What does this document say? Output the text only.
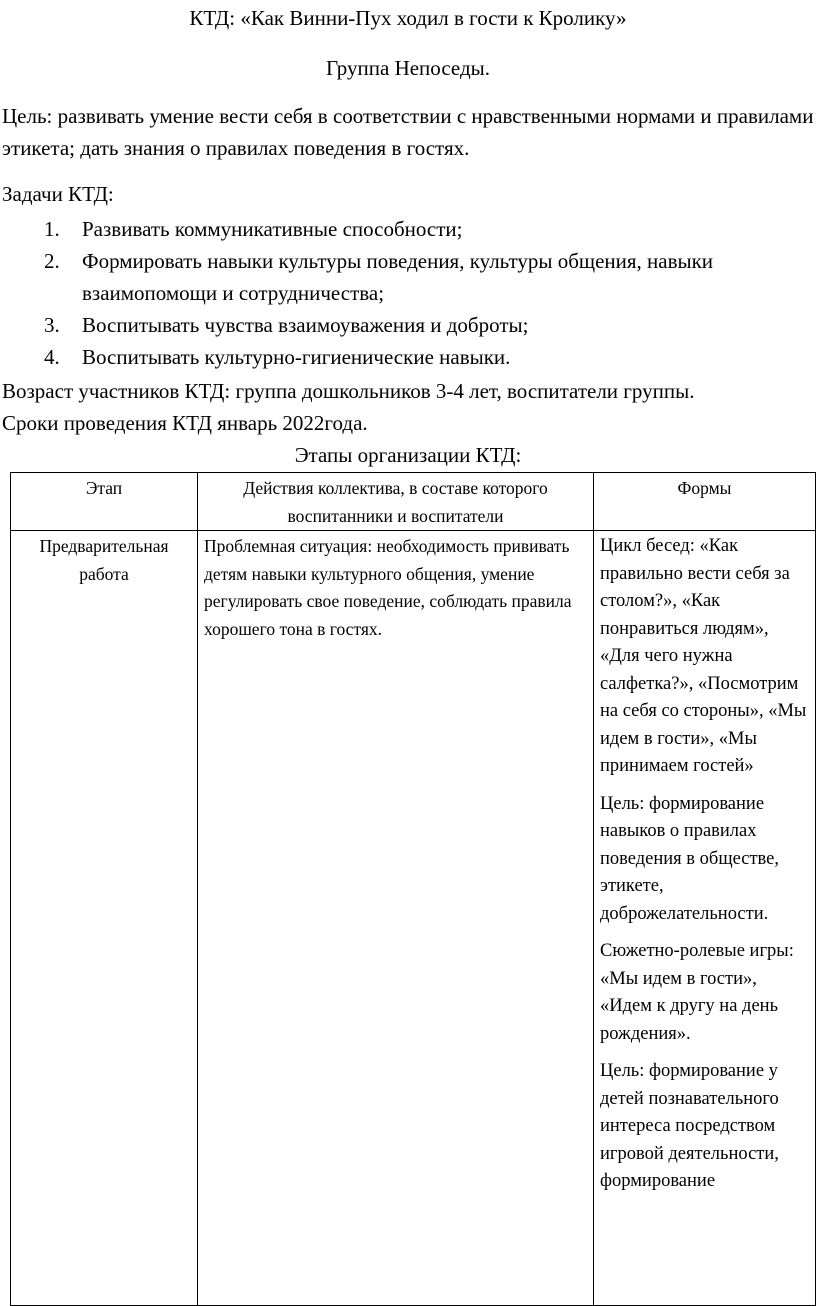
КТД: «Как Винни-Пух ходил в гости к Кролику»
Группа Непоседы.

Цель: развивать умение вести себя в соответствии с нравственными нормами и правилами этикета; дать знания о правилах поведения в гостях.

Задачи КТД:
1.	Развивать коммуникативные способности;
2.	Формировать навыки культуры поведения, культуры общения, навыки взаимопомощи и сотрудничества;
3.	Воспитывать чувства взаимоуважения и доброты;
4.	Воспитывать культурно-гигиенические навыки.
Возраст участников КТД: группа дошкольников 3-4 лет, воспитатели группы.
Сроки проведения КТД январь 2022года.
Этапы организации КТД:
Этап	Действия коллектива, в составе которого воспитанники и воспитатели	Формы
Предварительная работа	Проблемная ситуация: необходимость прививать детям навыки культурного общения, умение регулировать свое поведение, соблюдать правила хорошего тона в гостях.	Цикл бесед: «Как правильно вести себя за столом?», «Как понравиться людям», «Для чего нужна салфетка?», «Посмотрим на себя со стороны», «Мы идем в гости», «Мы принимаем гостей»

Цель: формирование навыков о правилах поведения в обществе, этикете, доброжелательности.

Сюжетно-ролевые игры: «Мы идем в гости», «Идем к другу на день рождения».

Цель: формирование у детей познавательного интереса посредством игровой деятельности, формирование
